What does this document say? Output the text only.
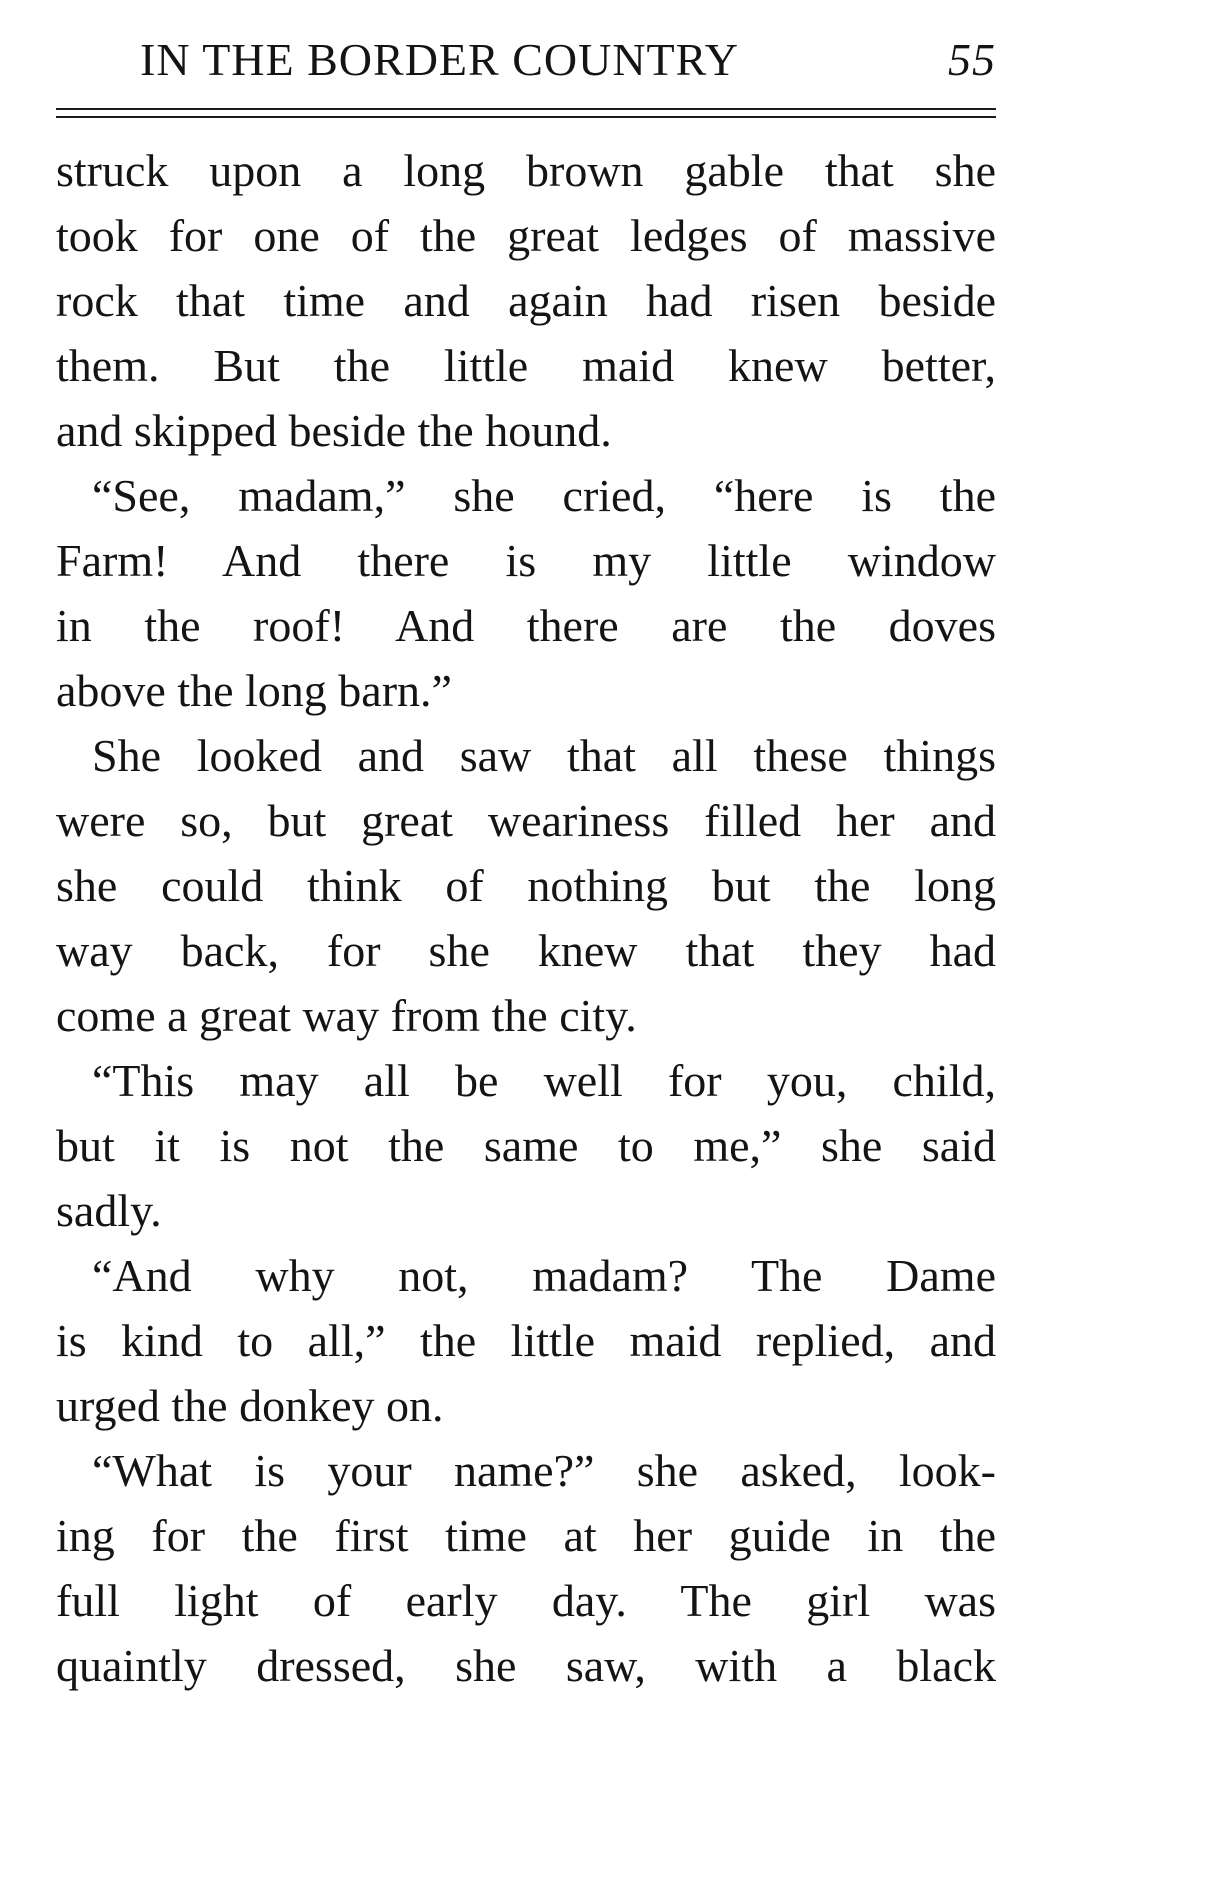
IN THE BORDER COUNTRY	55
struck upon a long brown gable that she
took for one of the great ledges of massive
rock that time and again had risen beside
them. But the little maid knew better,
and skipped beside the hound.
“See, madam,” she cried, “here is the
Farm! And there is my little window
in the roof! And there are the doves
above the long barn.”
She looked and saw that all these things
were so, but great weariness filled her and
she could think of nothing but the long
way back, for she knew that they had
come a great way from the city.
“This may all be well for you, child,
but it is not the same to me,” she said
sadly.
“And why not, madam? The Dame
is kind to all,” the little maid replied, and
urged the donkey on.
“What is your name?” she asked, look-
ing for the first time at her guide in the
full light of early day. The girl was
quaintly dressed, she saw, with a black
